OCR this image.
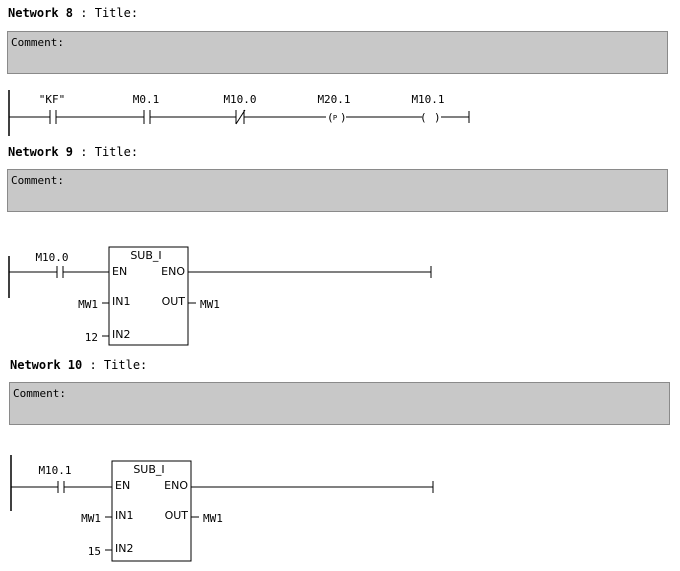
Network 8 : Title:
Comment:
"KF"	M0.1	M10.0	M20.1
( P )
M10.1
( )
Network 9 : Title:
Comment:
M10.0	SUB_I
EN	ENO
IN1	OUT
IN2
MW1
12
MW1
Network 10 : Title:
Comment:
M10.1	SUB_I
EN	ENO
IN1	OUT
IN2
MW1
15
MW1
